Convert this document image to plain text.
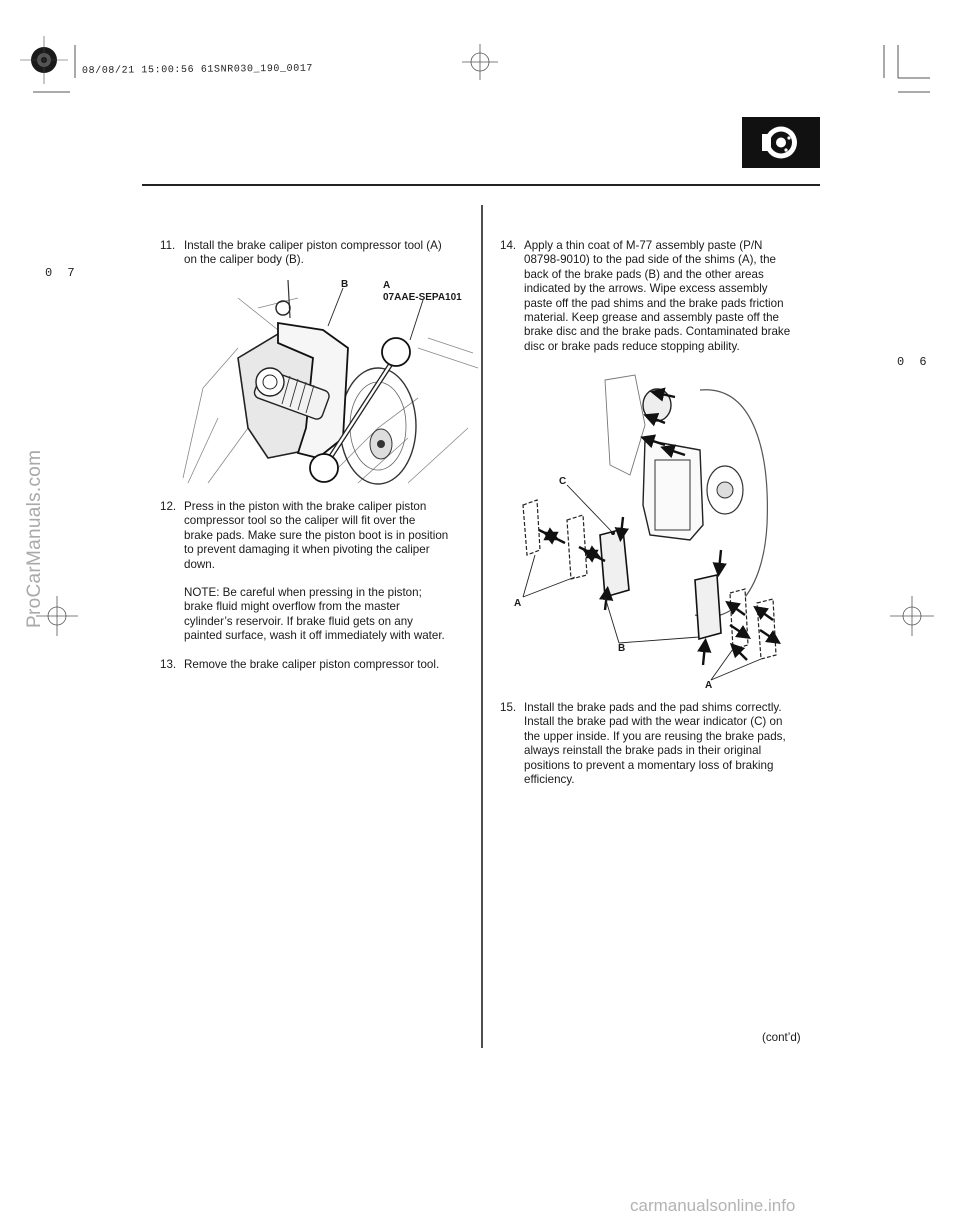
08/08/21 15:00:56 61SNR030_190_0017
0 7
0 6
11. Install the brake caliper piston compressor tool (A)

on the caliper body (B).

B	A
07AAE-SEPA101
12. Press in the piston with the brake caliper piston

compressor tool so the caliper will fit over the

brake pads. Make sure the piston boot is in position

to prevent damaging it when pivoting the caliper

down.

NOTE: Be careful when pressing in the piston;

brake fluid might overflow from the master

cylinder’s reservoir. If brake fluid gets on any

painted surface, wash it off immediately with water.

13. Remove the brake caliper piston compressor tool.

14. Apply a thin coat of M-77 assembly paste (P/N

08798-9010) to the pad side of the shims (A), the

back of the brake pads (B) and the other areas

indicated by the arrows. Wipe excess assembly

paste off the pad shims and the brake pads friction

material. Keep grease and assembly paste off the

brake disc and the brake pads. Contaminated brake

disc or brake pads reduce stopping ability.

C
A
B
A
15. Install the brake pads and the pad shims correctly.

Install the brake pad with the wear indicator (C) on

the upper inside. If you are reusing the brake pads,

always reinstall the brake pads in their original

positions to prevent a momentary loss of braking

efficiency.

(cont’d)
ProCarManuals.com
carmanualsonline.info
